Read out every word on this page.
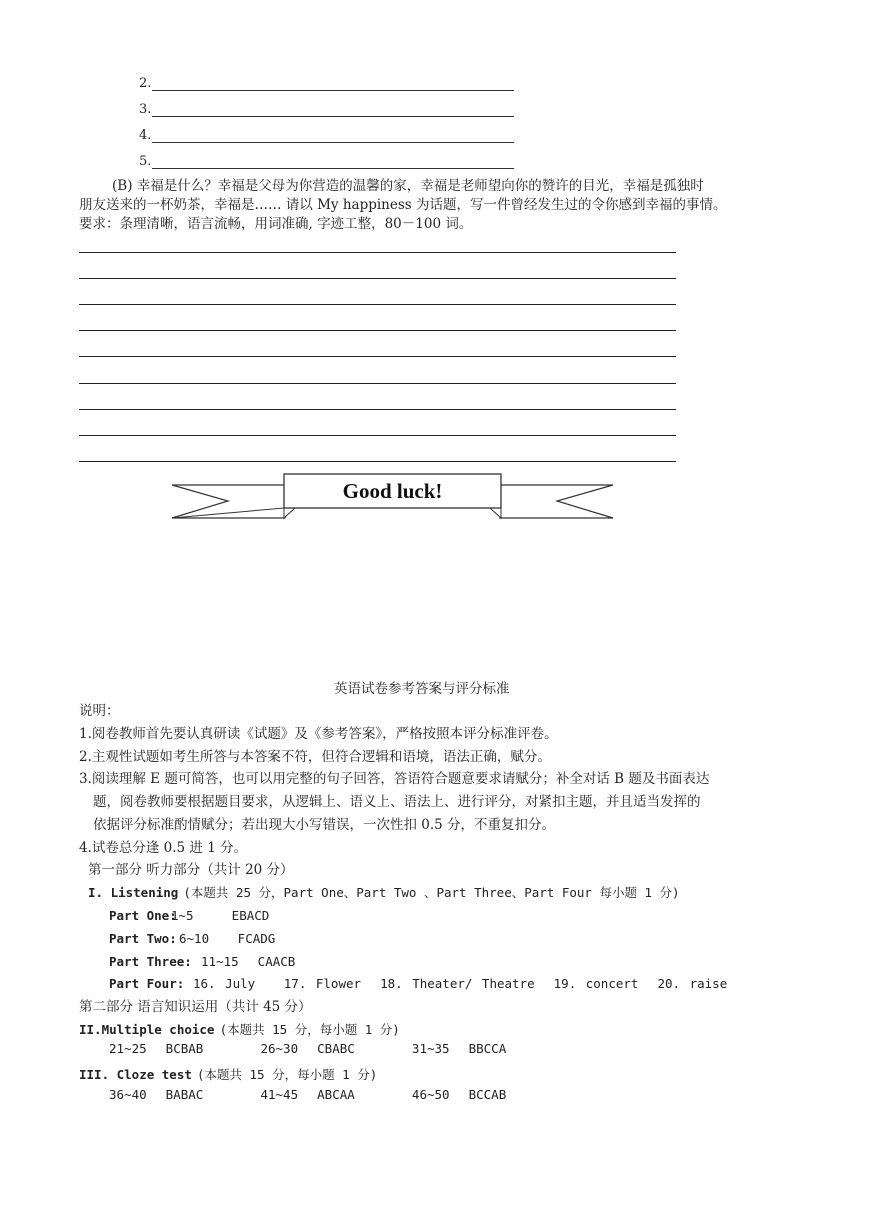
2.
3.
4.
5.
(B) 幸福是什么？幸福是父母为你营造的温馨的家，幸福是老师望向你的赞许的目光，幸福是孤独时
朋友送来的一杯奶茶，幸福是…… 请以 My happiness 为话题，写一件曾经发生过的令你感到幸福的事情。
要求：条理清晰，语言流畅，用词准确, 字迹工整，80－100 词。
Good luck!
英语试卷参考答案与评分标准
说明：
1.阅卷教师首先要认真研读《试题》及《参考答案》，严格按照本评分标准评卷。
2.主观性试题如考生所答与本答案不符，但符合逻辑和语境，语法正确，赋分。
3.阅读理解 E 题可简答，也可以用完整的句子回答，答语符合题意要求请赋分；补全对话 B 题及书面表达
题，阅卷教师要根据题目要求，从逻辑上、语义上、语法上、进行评分，对紧扣主题，并且适当发挥的
依据评分标准酌情赋分；若出现大小写错误，一次性扣 0.5 分，不重复扣分。
4.试卷总分逢 0.5 进 1 分。
第一部分 听力部分（共计 20 分）
I. Listening (本题共 25 分，Part One、Part Two 、Part Three、Part Four 每小题 1 分)
Part One:1~5    EBACD
Part Two: 6~10   FCADG
Part Three: 11~15  CAACB
Part Four: 16. July   17. Flower  18. Theater/ Theatre  19. concert  20. raise
第二部分 语言知识运用（共计 45 分）
II.Multiple choice (本题共 15 分，每小题 1 分)
21~25  BCBAB      26~30  CBABC      31~35  BBCCA
III. Cloze test (本题共 15 分，每小题 1 分)
36~40  BABAC      41~45  ABCAA      46~50  BCCAB
